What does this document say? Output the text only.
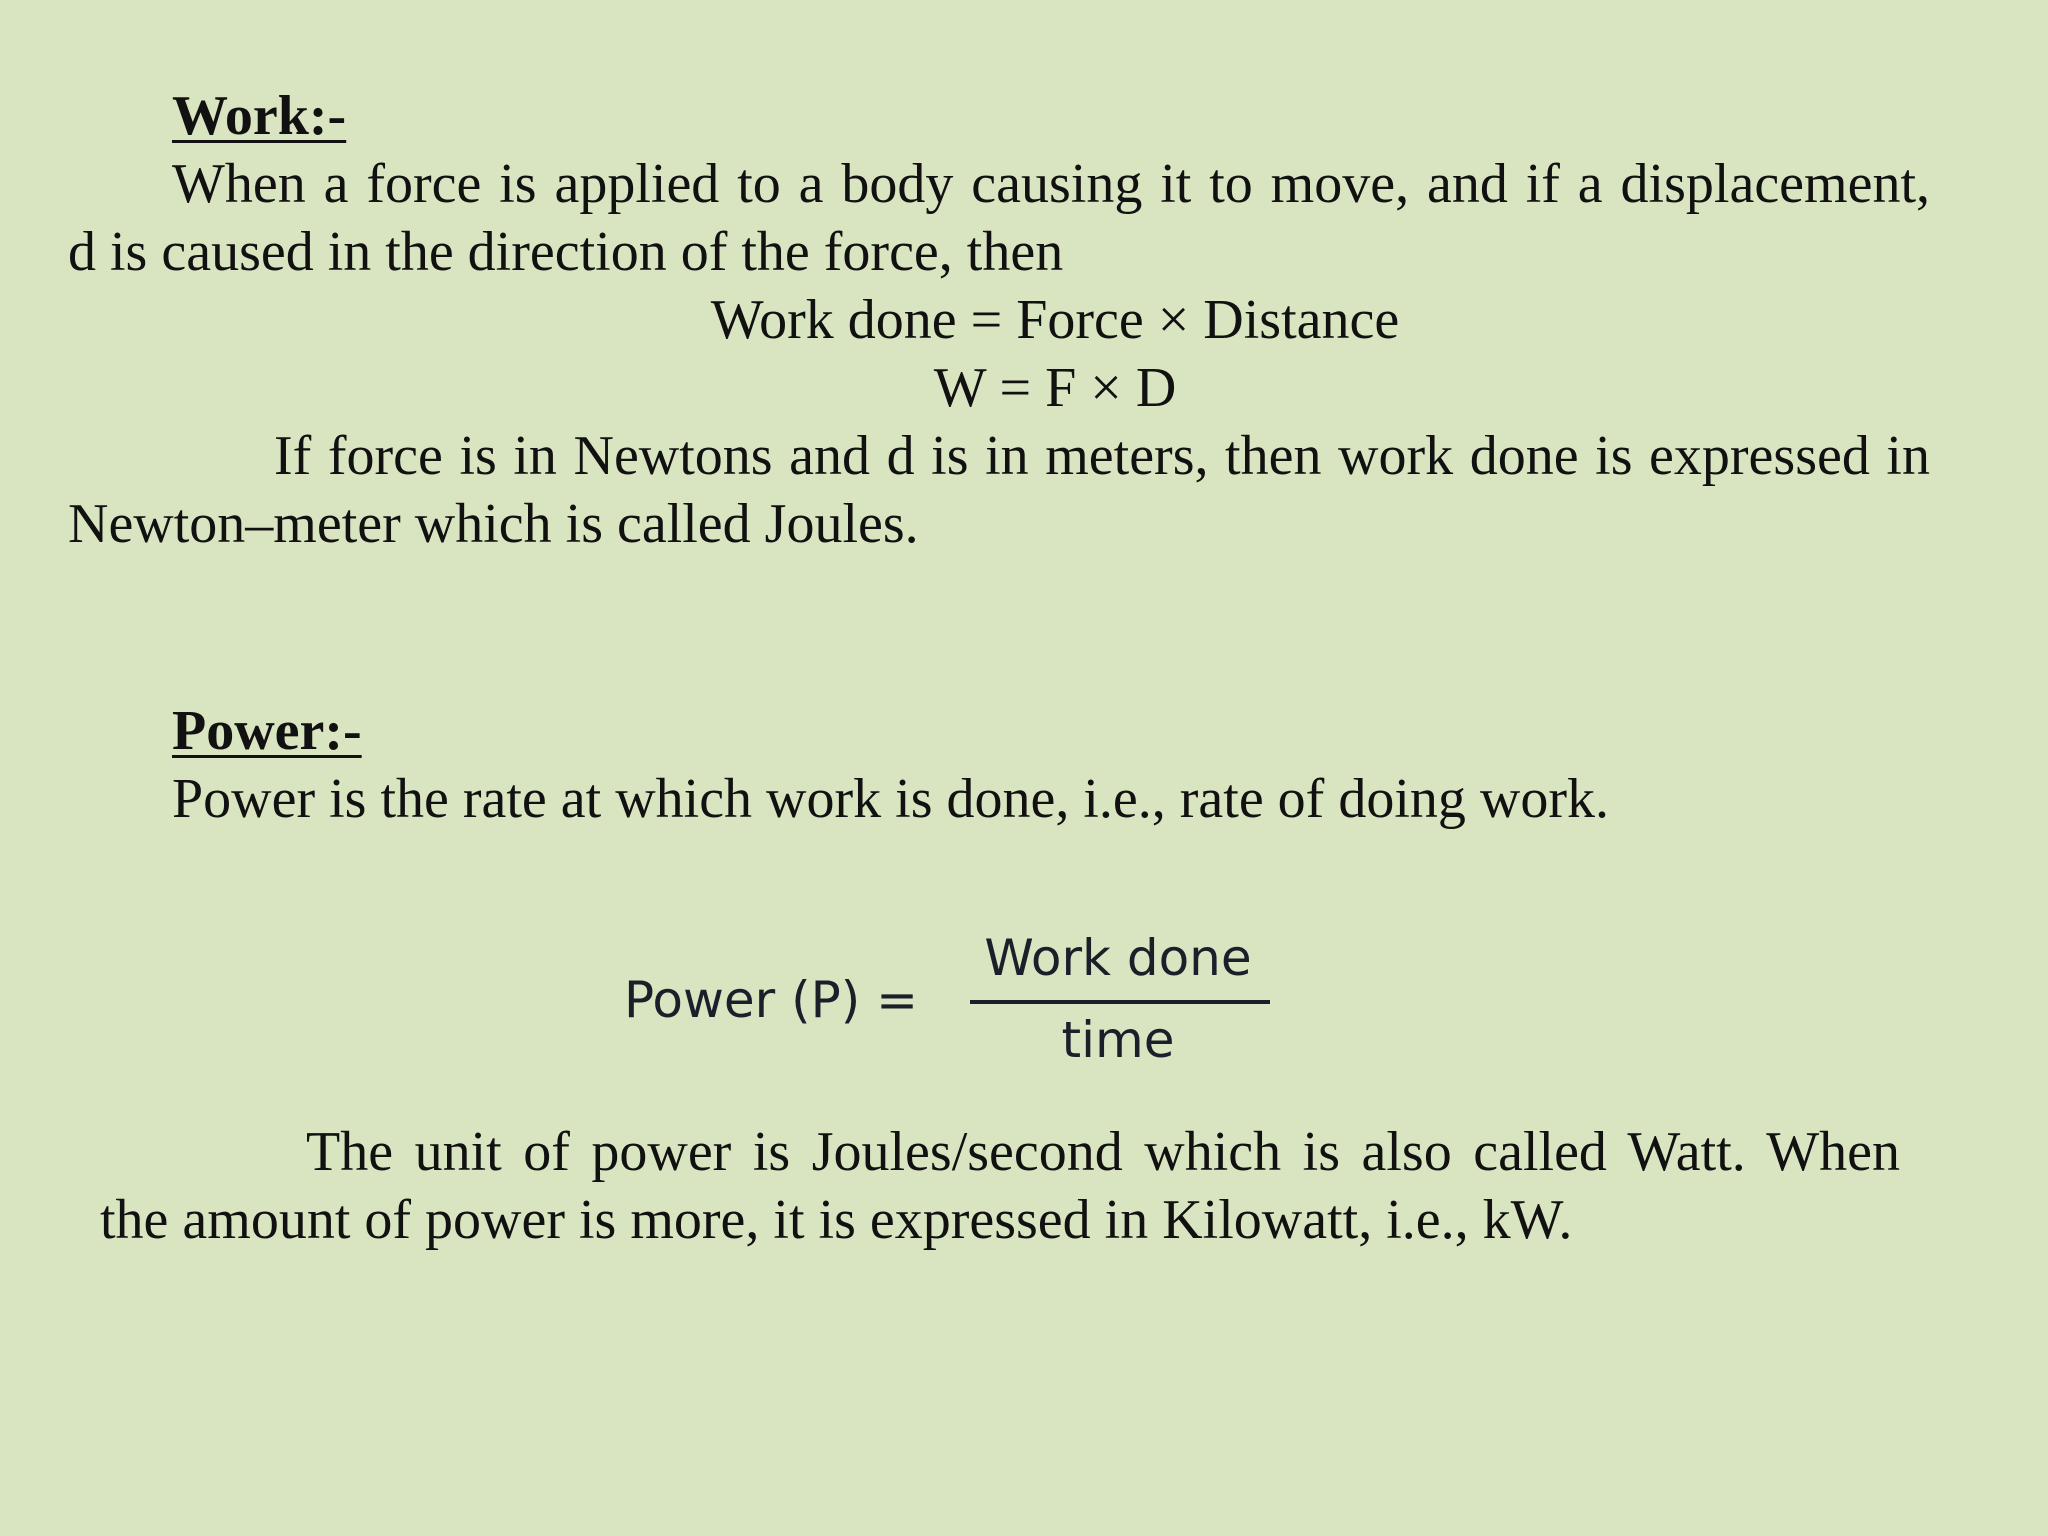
Work:-
When a force is applied to a body causing it to move, and if a displacement,
d is caused in the direction of the force, then
Work done = Force × Distance
W = F × D
If force is in Newtons and d is in meters, then work done is expressed in
Newton–meter which is called Joules.
Power:-
Power is the rate at which work is done, i.e., rate of doing work.
Power (P) =
Work done
time
The unit of power is Joules/second which is also called Watt. When
the amount of power is more, it is expressed in Kilowatt, i.e., kW.
